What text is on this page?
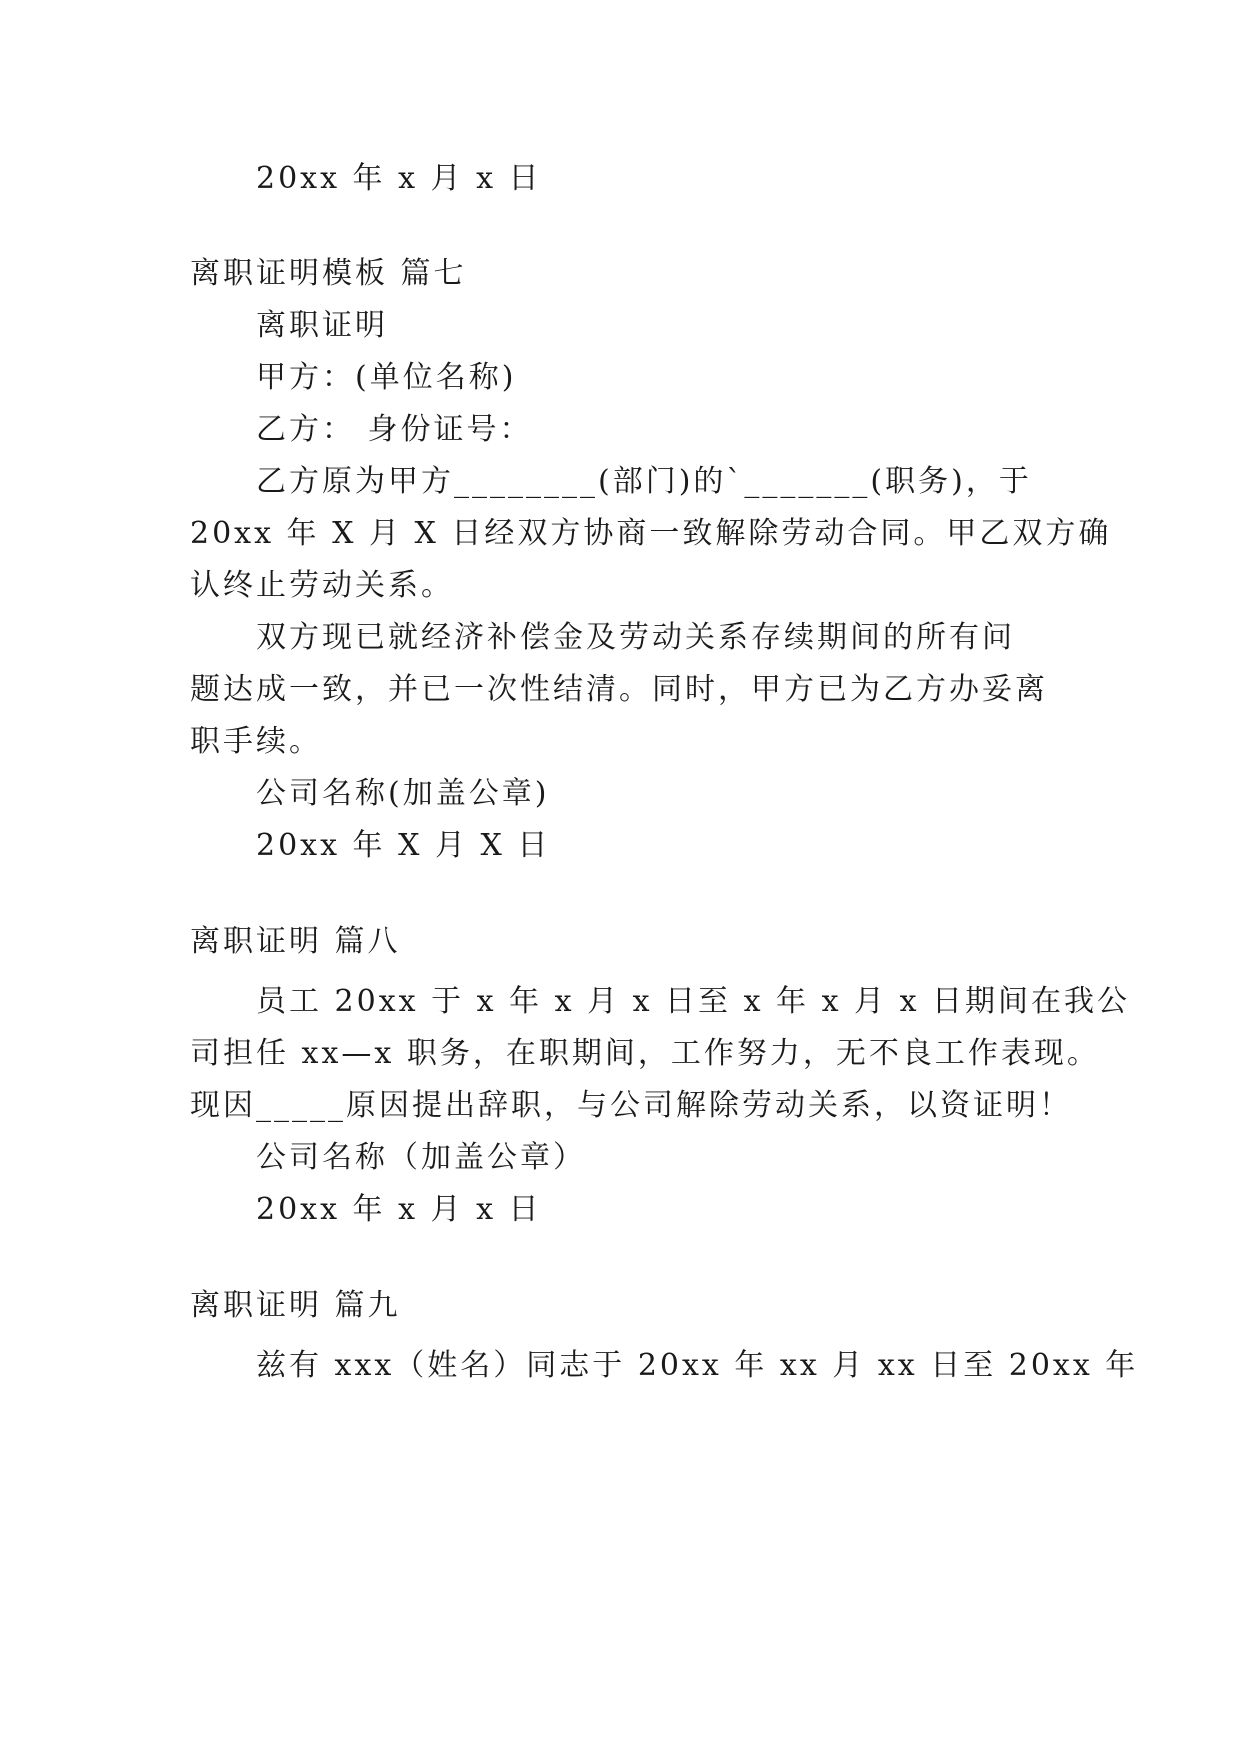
20xx 年 x 月 x 日

离职证明模板 篇七

离职证明

甲方：(单位名称)

乙方： 身份证号：

乙方原为甲方________(部门)的`_______(职务)，于

20xx 年 X 月 X 日经双方协商一致解除劳动合同。甲乙双方确

认终止劳动关系。

双方现已就经济补偿金及劳动关系存续期间的所有问

题达成一致，并已一次性结清。同时，甲方已为乙方办妥离

职手续。

公司名称(加盖公章)

20xx 年 X 月 X 日

离职证明 篇八

员工 20xx 于 x 年 x 月 x 日至 x 年 x 月 x 日期间在我公

司担任 xx—x 职务，在职期间，工作努力，无不良工作表现。

现因_____原因提出辞职，与公司解除劳动关系，以资证明！

公司名称（加盖公章）

20xx 年 x 月 x 日

离职证明 篇九

兹有 xxx（姓名）同志于 20xx 年 xx 月 xx 日至 20xx 年
